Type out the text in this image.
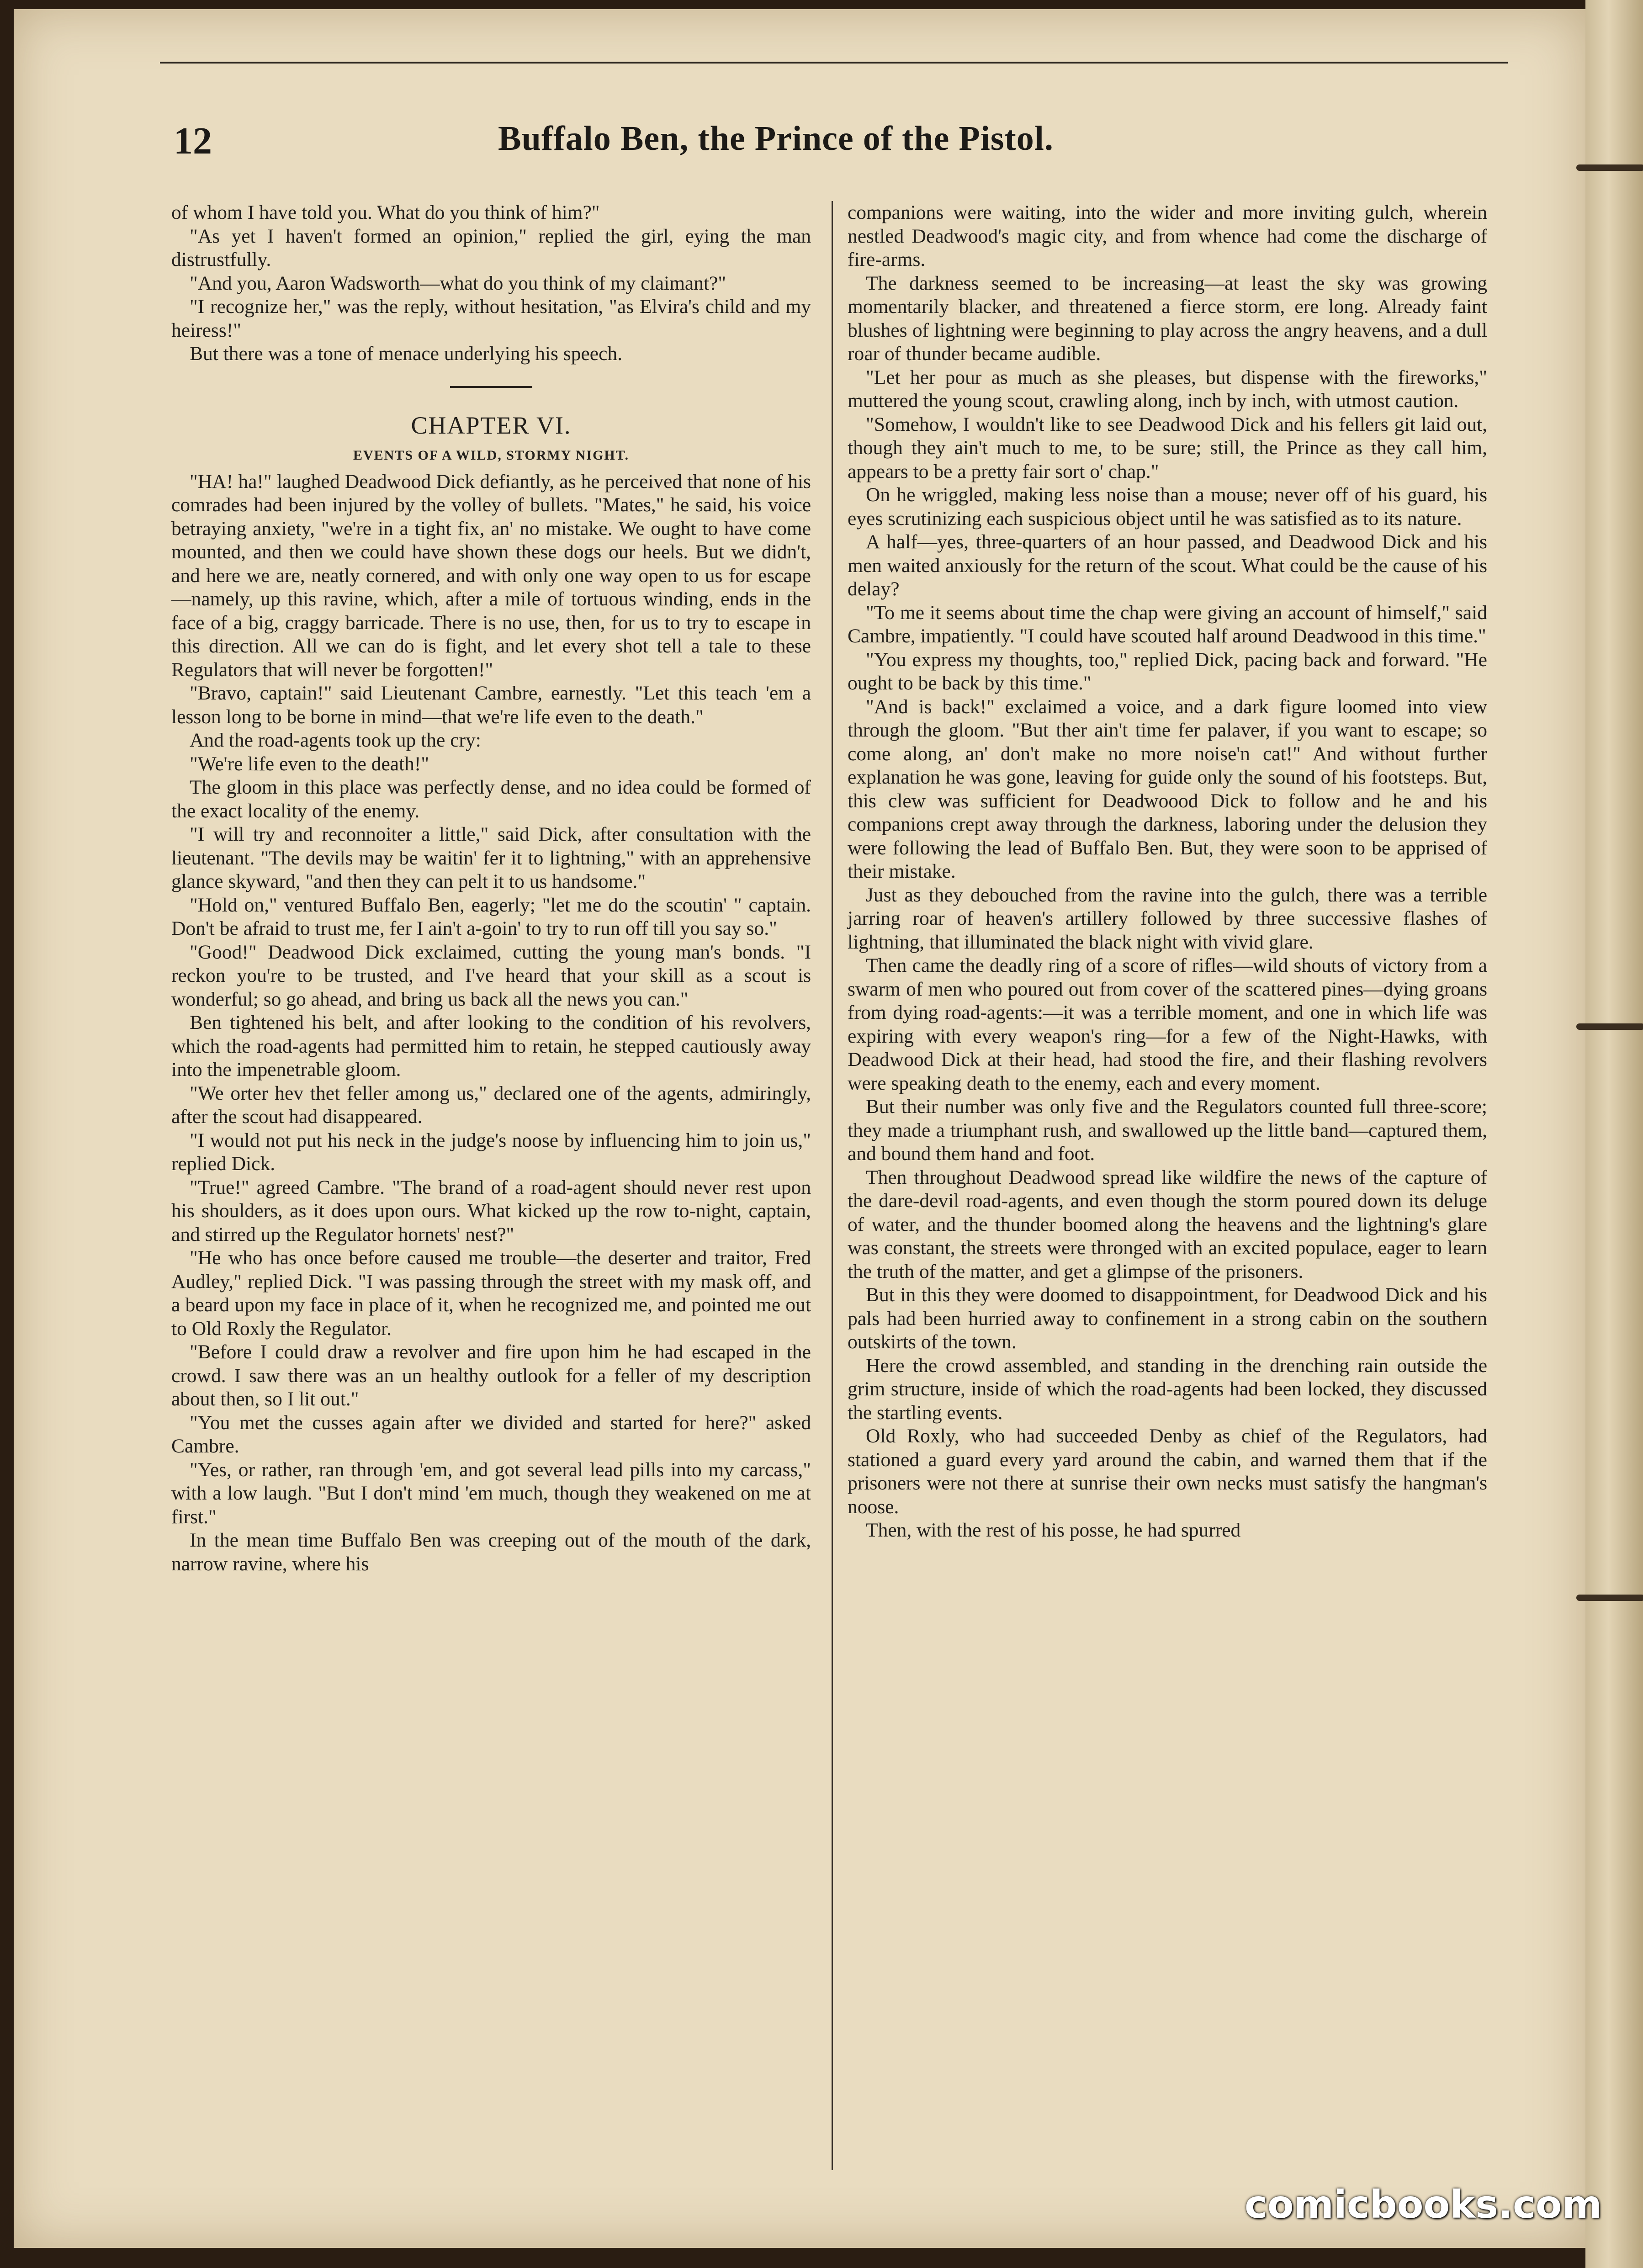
12	Buffalo Ben, the Prince of the Pistol.

of whom I have told you. What do you think of him?"

"As yet I haven't formed an opinion," replied the girl, eying the man distrustfully.

"And you, Aaron Wadsworth—what do you think of my claimant?"

"I recognize her," was the reply, without hesitation, "as Elvira's child and my heiress!"

But there was a tone of menace underlying his speech.

CHAPTER VI.
EVENTS OF A WILD, STORMY NIGHT.

"HA! ha!" laughed Deadwood Dick defiantly, as he perceived that none of his comrades had been injured by the volley of bullets. "Mates," he said, his voice betraying anxiety, "we're in a tight fix, an' no mistake. We ought to have come mounted, and then we could have shown these dogs our heels. But we didn't, and here we are, neatly cornered, and with only one way open to us for escape—namely, up this ravine, which, after a mile of tortuous winding, ends in the face of a big, craggy barricade. There is no use, then, for us to try to escape in this direction. All we can do is fight, and let every shot tell a tale to these Regulators that will never be forgotten!"

"Bravo, captain!" said Lieutenant Cambre, earnestly. "Let this teach 'em a lesson long to be borne in mind—that we're life even to the death."

And the road-agents took up the cry:

"We're life even to the death!"

The gloom in this place was perfectly dense, and no idea could be formed of the exact locality of the enemy.

"I will try and reconnoiter a little," said Dick, after consultation with the lieutenant. "The devils may be waitin' fer it to lightning," with an apprehensive glance skyward, "and then they can pelt it to us handsome."

"Hold on," ventured Buffalo Ben, eagerly; "let me do the scoutin' " captain. Don't be afraid to trust me, fer I ain't a-goin' to try to run off till you say so."

"Good!" Deadwood Dick exclaimed, cutting the young man's bonds. "I reckon you're to be trusted, and I've heard that your skill as a scout is wonderful; so go ahead, and bring us back all the news you can."

Ben tightened his belt, and after looking to the condition of his revolvers, which the road-agents had permitted him to retain, he stepped cautiously away into the impenetrable gloom.

"We orter hev thet feller among us," declared one of the agents, admiringly, after the scout had disappeared.

"I would not put his neck in the judge's noose by influencing him to join us," replied Dick.

"True!" agreed Cambre. "The brand of a road-agent should never rest upon his shoulders, as it does upon ours. What kicked up the row to-night, captain, and stirred up the Regulator hornets' nest?"

"He who has once before caused me trouble—the deserter and traitor, Fred Audley," replied Dick. "I was passing through the street with my mask off, and a beard upon my face in place of it, when he recognized me, and pointed me out to Old Roxly the Regulator.

"Before I could draw a revolver and fire upon him he had escaped in the crowd. I saw there was an un healthy outlook for a feller of my description about then, so I lit out."

"You met the cusses again after we divided and started for here?" asked Cambre.

"Yes, or rather, ran through 'em, and got several lead pills into my carcass," with a low laugh. "But I don't mind 'em much, though they weakened on me at first."

In the mean time Buffalo Ben was creeping out of the mouth of the dark, narrow ravine, where his

companions were waiting, into the wider and more inviting gulch, wherein nestled Deadwood's magic city, and from whence had come the discharge of fire-arms.

The darkness seemed to be increasing—at least the sky was growing momentarily blacker, and threatened a fierce storm, ere long. Already faint blushes of lightning were beginning to play across the angry heavens, and a dull roar of thunder became audible.

"Let her pour as much as she pleases, but dispense with the fireworks," muttered the young scout, crawling along, inch by inch, with utmost caution.

"Somehow, I wouldn't like to see Deadwood Dick and his fellers git laid out, though they ain't much to me, to be sure; still, the Prince as they call him, appears to be a pretty fair sort o' chap."

On he wriggled, making less noise than a mouse; never off of his guard, his eyes scrutinizing each suspicious object until he was satisfied as to its nature.

A half—yes, three-quarters of an hour passed, and Deadwood Dick and his men waited anxiously for the return of the scout. What could be the cause of his delay?

"To me it seems about time the chap were giving an account of himself," said Cambre, impatiently. "I could have scouted half around Deadwood in this time."

"You express my thoughts, too," replied Dick, pacing back and forward. "He ought to be back by this time."

"And is back!" exclaimed a voice, and a dark figure loomed into view through the gloom. "But ther ain't time fer palaver, if you want to escape; so come along, an' don't make no more noise'n cat!" And without further explanation he was gone, leaving for guide only the sound of his footsteps. But, this clew was sufficient for Deadwoood Dick to follow and he and his companions crept away through the darkness, laboring under the delusion they were following the lead of Buffalo Ben. But, they were soon to be apprised of their mistake.

Just as they debouched from the ravine into the gulch, there was a terrible jarring roar of heaven's artillery followed by three successive flashes of lightning, that illuminated the black night with vivid glare.

Then came the deadly ring of a score of rifles—wild shouts of victory from a swarm of men who poured out from cover of the scattered pines—dying groans from dying road-agents:—it was a terrible moment, and one in which life was expiring with every weapon's ring—for a few of the Night-Hawks, with Deadwood Dick at their head, had stood the fire, and their flashing revolvers were speaking death to the enemy, each and every moment.

But their number was only five and the Regulators counted full three-score; they made a triumphant rush, and swallowed up the little band—captured them, and bound them hand and foot.

Then throughout Deadwood spread like wildfire the news of the capture of the dare-devil road-agents, and even though the storm poured down its deluge of water, and the thunder boomed along the heavens and the lightning's glare was constant, the streets were thronged with an excited populace, eager to learn the truth of the matter, and get a glimpse of the prisoners.

But in this they were doomed to disappointment, for Deadwood Dick and his pals had been hurried away to confinement in a strong cabin on the southern outskirts of the town.

Here the crowd assembled, and standing in the drenching rain outside the grim structure, inside of which the road-agents had been locked, they discussed the startling events.

Old Roxly, who had succeeded Denby as chief of the Regulators, had stationed a guard every yard around the cabin, and warned them that if the prisoners were not there at sunrise their own necks must satisfy the hangman's noose.

Then, with the rest of his posse, he had spurred

comicbooks.com
